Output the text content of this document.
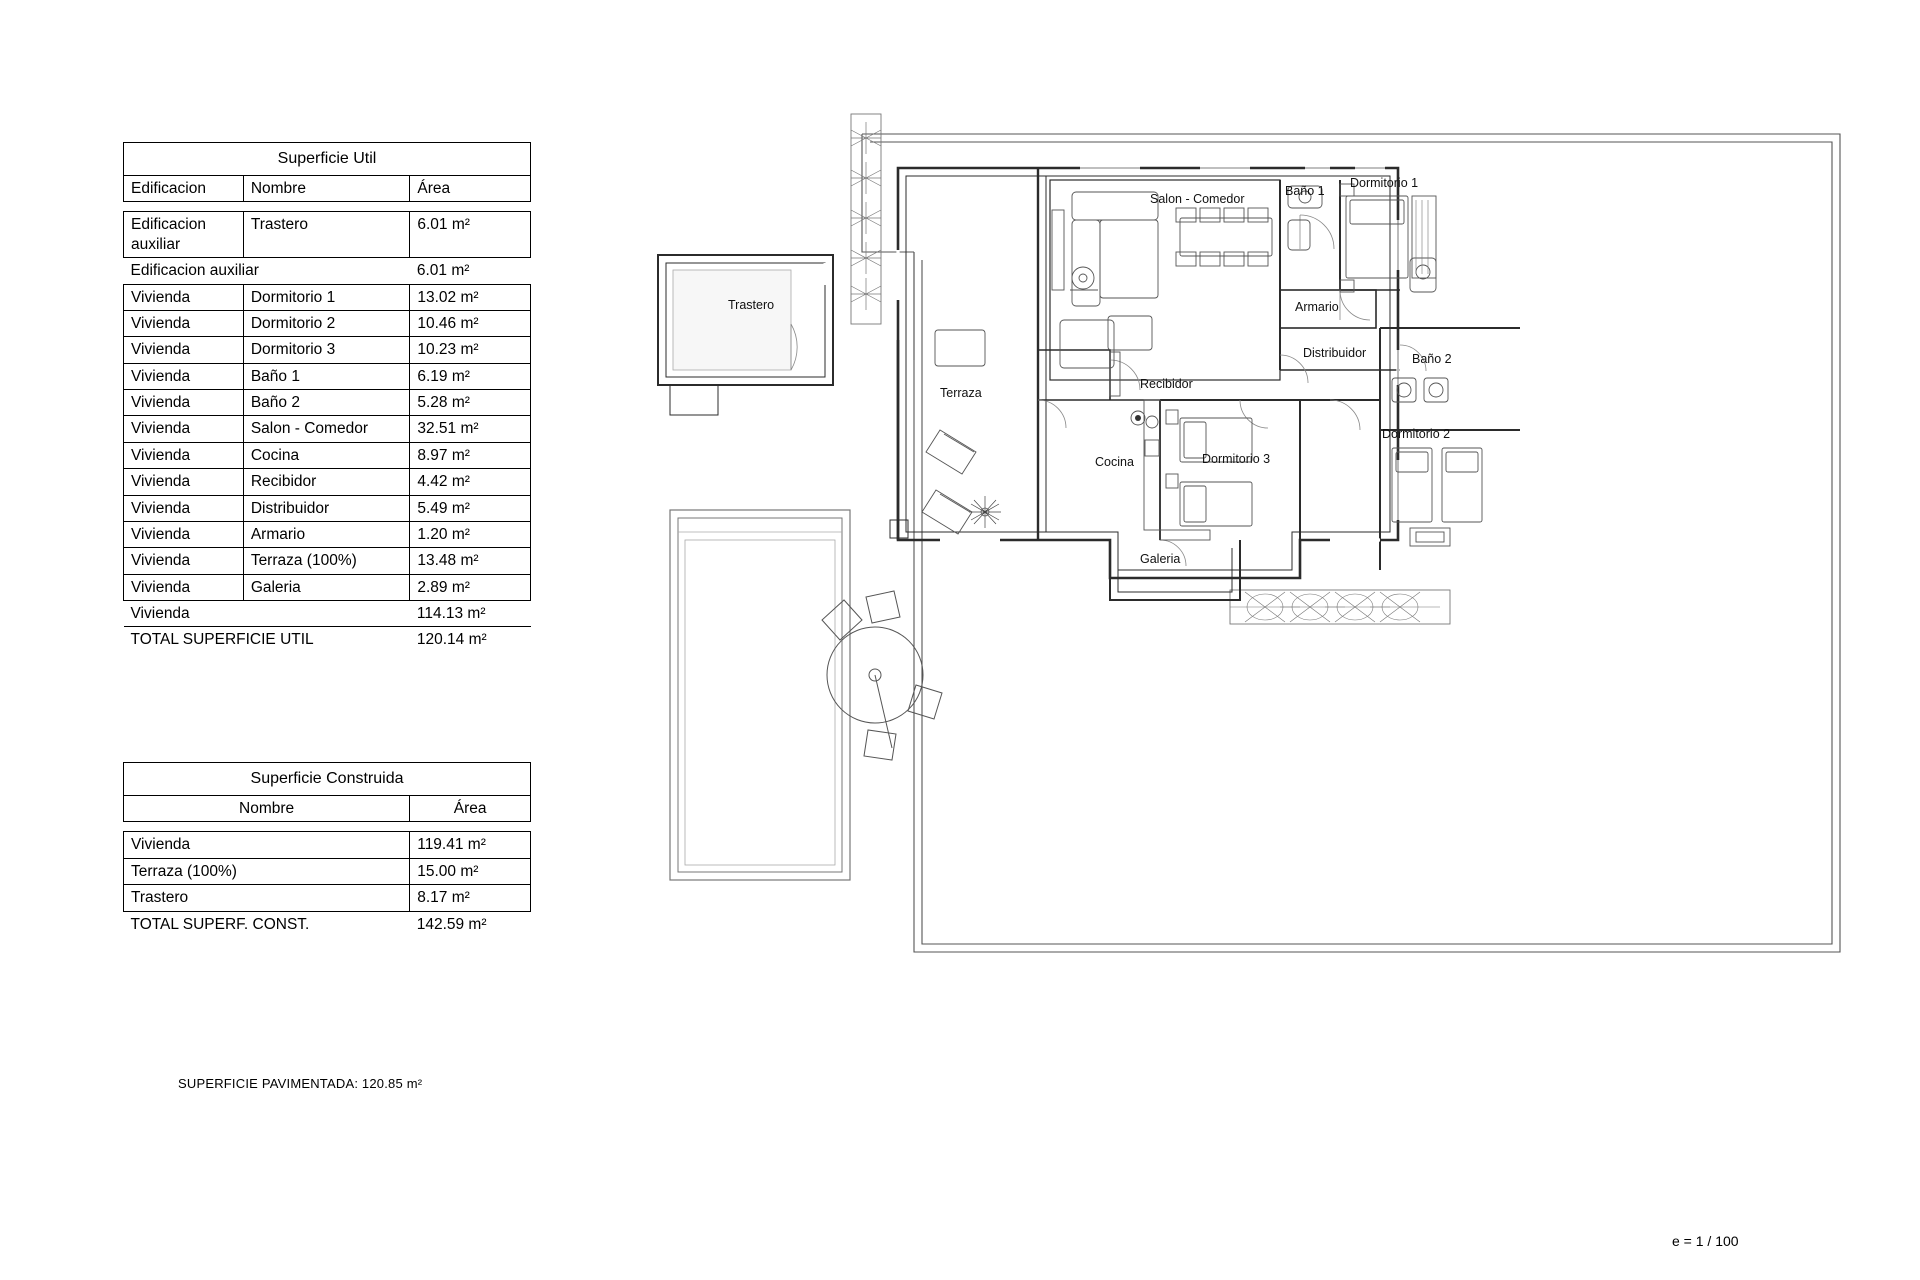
Superficie Util		
Edificacion	Nombre	Área

Edificacion
auxiliar	Trastero	6.01 m²
Edificacion auxiliar		6.01 m²
Vivienda	Dormitorio 1	13.02 m²
Vivienda	Dormitorio 2	10.46 m²
Vivienda	Dormitorio 3	10.23 m²
Vivienda	Baño 1	6.19 m²
Vivienda	Baño 2	5.28 m²
Vivienda	Salon - Comedor	32.51 m²
Vivienda	Cocina	8.97 m²
Vivienda	Recibidor	4.42 m²
Vivienda	Distribuidor	5.49 m²
Vivienda	Armario	1.20 m²
Vivienda	Terraza (100%)	13.48 m²
Vivienda	Galeria	2.89 m²
Vivienda		114.13 m²
TOTAL SUPERFICIE UTIL		120.14 m²
Superficie Construida	
Nombre	Área

Vivienda	119.41 m²
Terraza (100%)	15.00 m²
Trastero	8.17 m²
TOTAL SUPERF. CONST.	142.59 m²
SUPERFICIE PAVIMENTADA: 120.85 m²
e = 1 / 100
Trastero
Salon - Comedor
Baño 1
Dormitorio 1
Armario
Distribuidor	Baño 2
Terraza
Recibidor
Cocina	Dormitorio 3
Dormitorio 2
Galeria
